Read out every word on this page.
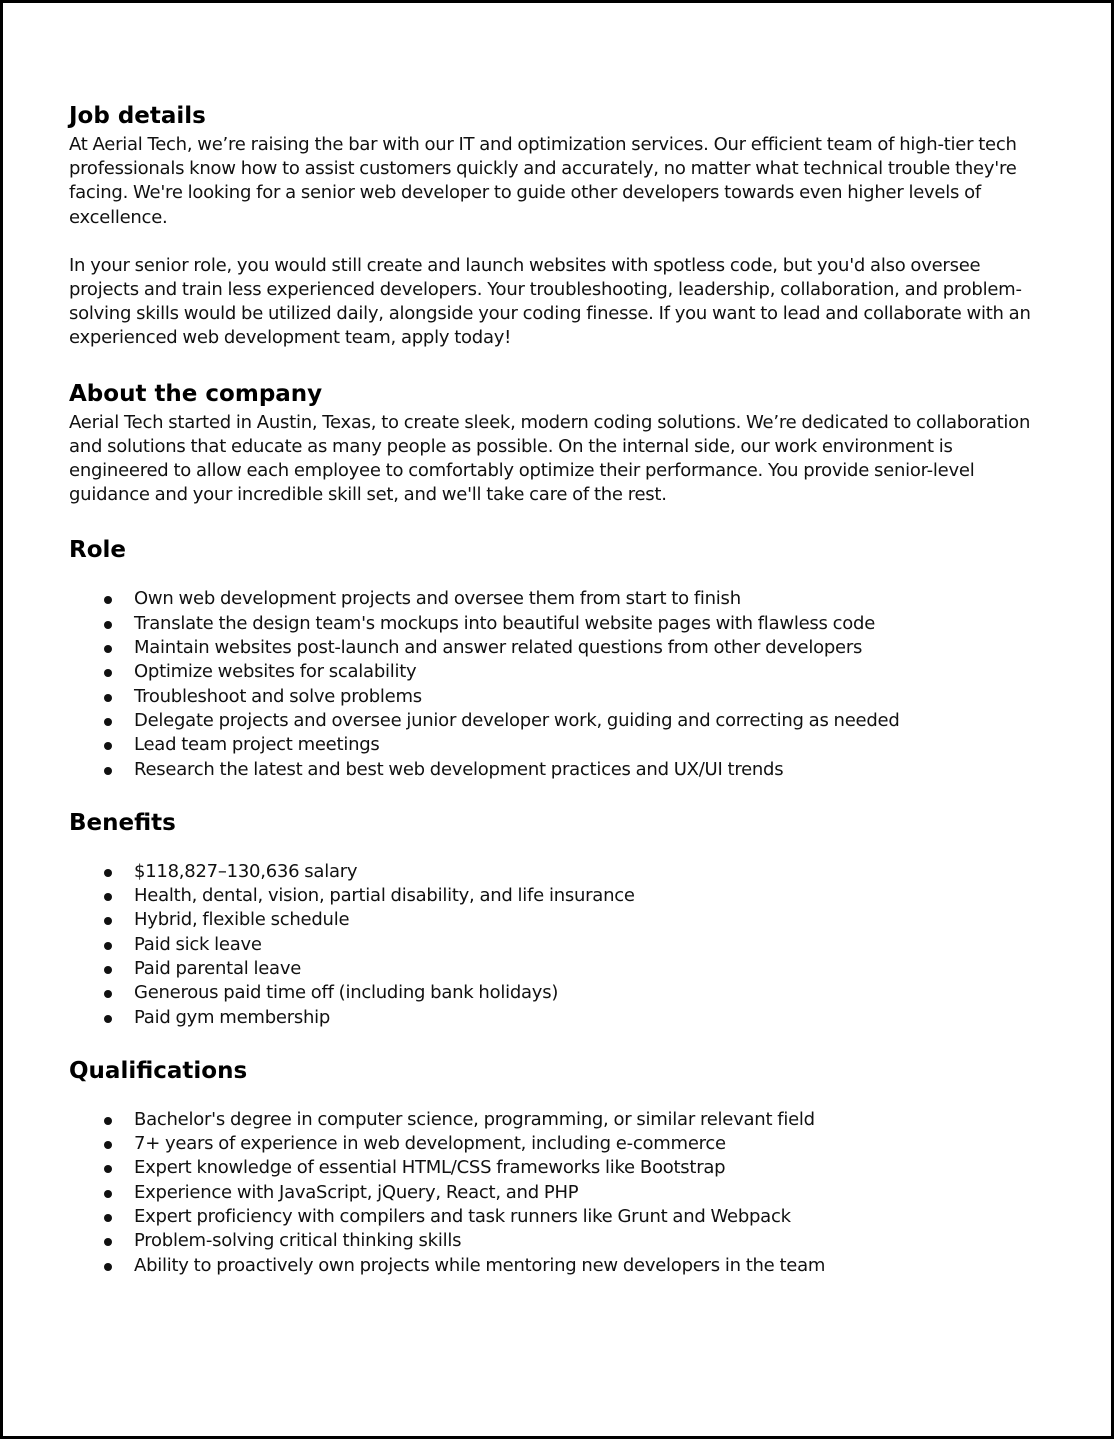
Job details

At Aerial Tech, we’re raising the bar with our IT and optimization services. Our efficient team of high-tier tech professionals know how to assist customers quickly and accurately, no matter what technical trouble they're facing. We're looking for a senior web developer to guide other developers towards even higher levels of excellence.

In your senior role, you would still create and launch websites with spotless code, but you'd also oversee projects and train less experienced developers. Your troubleshooting, leadership, collaboration, and problem-solving skills would be utilized daily, alongside your coding finesse. If you want to lead and collaborate with an experienced web development team, apply today!

About the company

Aerial Tech started in Austin, Texas, to create sleek, modern coding solutions. We’re dedicated to collaboration and solutions that educate as many people as possible. On the internal side, our work environment is engineered to allow each employee to comfortably optimize their performance. You provide senior-level guidance and your incredible skill set, and we'll take care of the rest.

Role
Own web development projects and oversee them from start to finish
Translate the design team's mockups into beautiful website pages with flawless code
Maintain websites post-launch and answer related questions from other developers
Optimize websites for scalability
Troubleshoot and solve problems
Delegate projects and oversee junior developer work, guiding and correcting as needed
Lead team project meetings
Research the latest and best web development practices and UX/UI trends
Benefits
$118,827–130,636 salary
Health, dental, vision, partial disability, and life insurance
Hybrid, flexible schedule
Paid sick leave
Paid parental leave
Generous paid time off (including bank holidays)
Paid gym membership
Qualifications
Bachelor's degree in computer science, programming, or similar relevant field
7+ years of experience in web development, including e-commerce
Expert knowledge of essential HTML/CSS frameworks like Bootstrap
Experience with JavaScript, jQuery, React, and PHP
Expert proficiency with compilers and task runners like Grunt and Webpack
Problem-solving critical thinking skills
Ability to proactively own projects while mentoring new developers in the team
